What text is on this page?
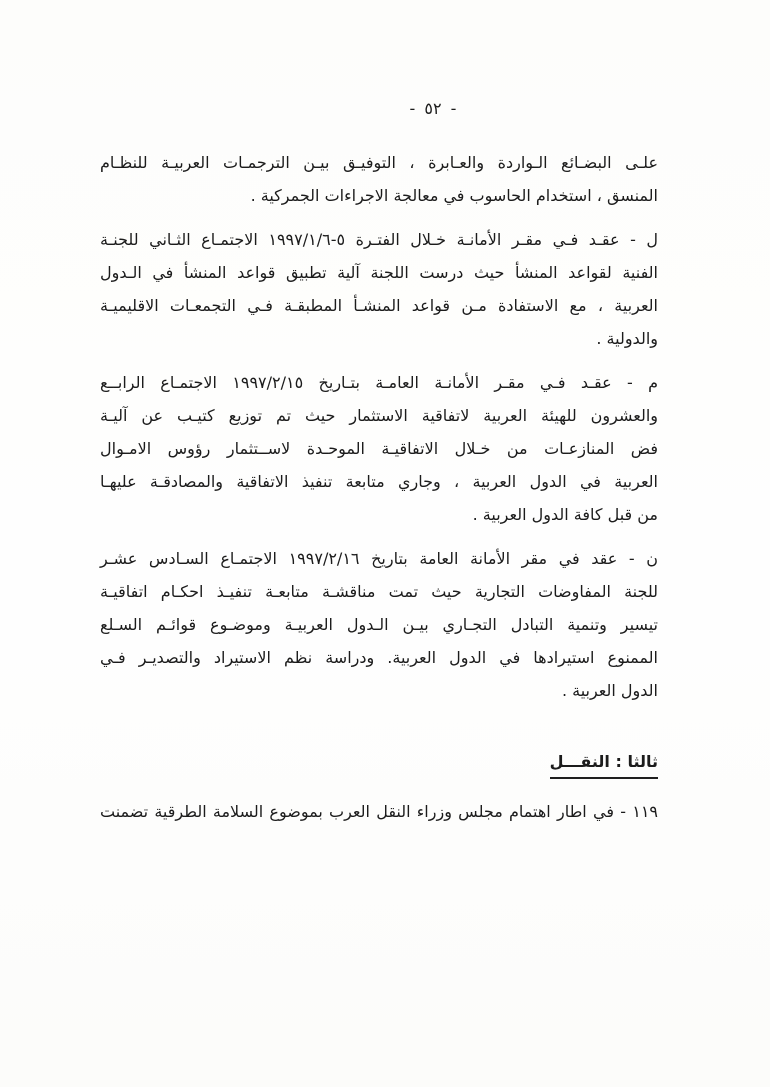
- ٥٢ -
علـى البضـائع الـواردة والعـابرة ، التوفيـق بيـن الترجمـات العربيـة للنظـام
المنسق ، استخدام الحاسوب في معالجة الاجراءات الجمركية .
ل - عقـد فـي مقـر الأمانـة خـلال الفتـرة ٥-١٩٩٧/١/٦ الاجتمـاع الثـاني للجنـة
الفنية لقواعد المنشأ حيث درست اللجنة آلية تطبيق قواعد المنشأ في الـدول
العربية ، مع الاستفادة مـن قواعد المنشـأ المطبقـة فـي التجمعـات الاقليميـة
والدولية .
م - عقـد فـي مقـر الأمانـة العامـة بتـاريخ ١٩٩٧/٢/١٥ الاجتمـاع الرابــع
والعشرون للهيئة العربية لاتفاقية الاستثمار حيث تم توزيع كتيـب عن آليـة
فض المنازعـات من خـلال الاتفاقيـة الموحـدة لاســتثمار رؤوس الامـوال
العربية في الدول العربية ، وجاري متابعة تنفيذ الاتفاقية والمصادقـة عليهـا
من قبل كافة الدول العربية .
ن - عقد في مقر الأمانة العامة بتاريخ ١٩٩٧/٢/١٦ الاجتمـاع السـادس عشـر
للجنة المفاوضات التجارية حيث تمت مناقشـة متابعـة تنفيـذ احكـام اتفاقيـة
تيسير وتنمية التبادل التجـاري بيـن الـدول العربيـة وموضـوع قوائـم السـلع
الممنوع استيرادها في الدول العربية. ودراسة نظم الاستيراد والتصديـر فـي
الدول العربية .
ثالثا : النقـــل
١١٩ - في اطار اهتمام مجلس وزراء النقل العرب بموضوع السلامة الطرقية تضمنت
